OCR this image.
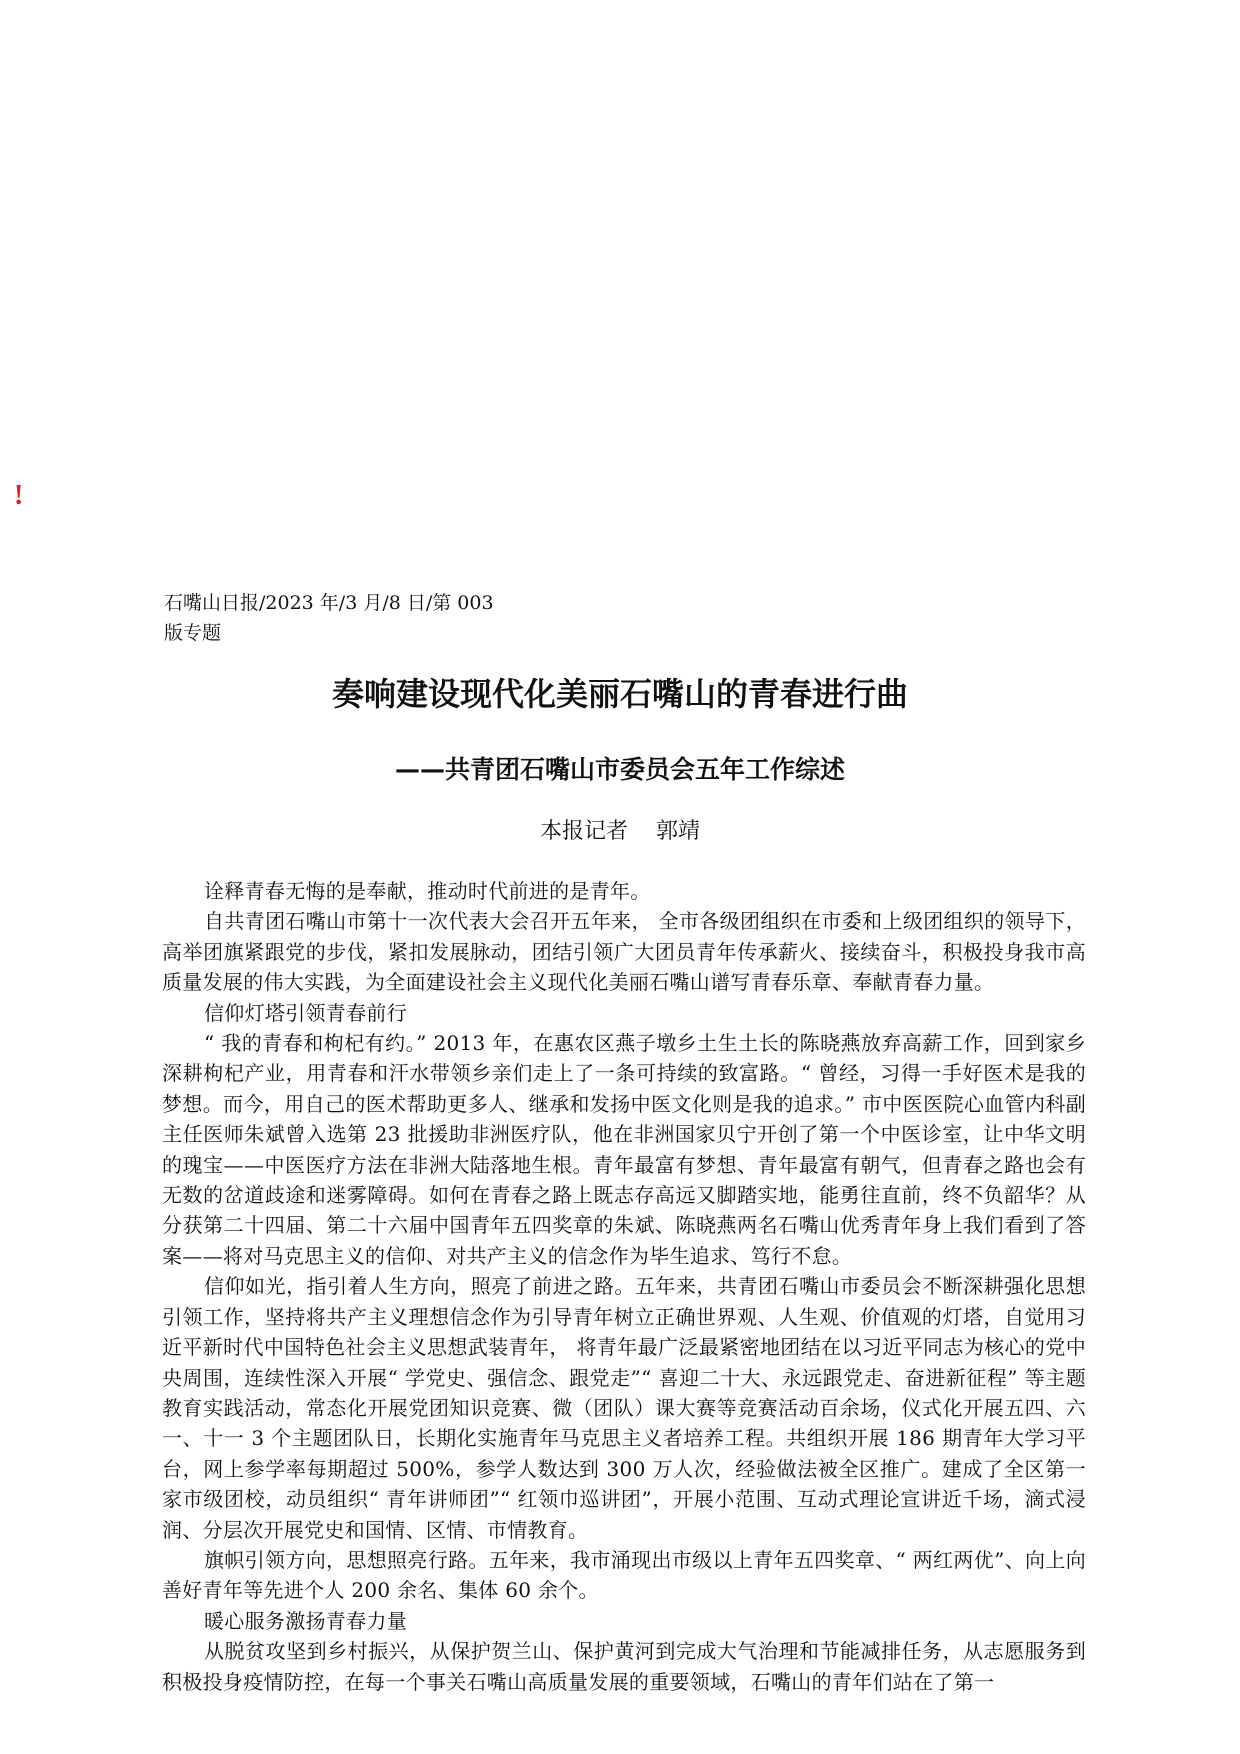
!
石嘴山日报/2023 年/3 月/8 日/第 003
版专题
奏响建设现代化美丽石嘴山的青春进行曲
——共青团石嘴山市委员会五年工作综述
本报记者    郭靖

诠释青春无悔的是奉献，推动时代前进的是青年。

自共青团石嘴山市第十一次代表大会召开五年来， 全市各级团组织在市委和上级团组织的领导下，高举团旗紧跟党的步伐，紧扣发展脉动，团结引领广大团员青年传承薪火、接续奋斗，积极投身我市高质量发展的伟大实践，为全面建设社会主义现代化美丽石嘴山谱写青春乐章、奉献青春力量。

信仰灯塔引领青春前行

“ 我的青春和枸杞有约。” 2013 年，在惠农区燕子墩乡土生土长的陈晓燕放弃高薪工作，回到家乡深耕枸杞产业，用青春和汗水带领乡亲们走上了一条可持续的致富路。“ 曾经，习得一手好医术是我的梦想。而今，用自己的医术帮助更多人、继承和发扬中医文化则是我的追求。” 市中医医院心血管内科副主任医师朱斌曾入选第 23 批援助非洲医疗队，他在非洲国家贝宁开创了第一个中医诊室，让中华文明的瑰宝——中医医疗方法在非洲大陆落地生根。青年最富有梦想、青年最富有朝气，但青春之路也会有无数的岔道歧途和迷雾障碍。如何在青春之路上既志存高远又脚踏实地，能勇往直前，终不负韶华？从分获第二十四届、第二十六届中国青年五四奖章的朱斌、陈晓燕两名石嘴山优秀青年身上我们看到了答案——将对马克思主义的信仰、对共产主义的信念作为毕生追求、笃行不怠。

信仰如光，指引着人生方向，照亮了前进之路。五年来，共青团石嘴山市委员会不断深耕强化思想引领工作，坚持将共产主义理想信念作为引导青年树立正确世界观、人生观、价值观的灯塔，自觉用习近平新时代中国特色社会主义思想武装青年， 将青年最广泛最紧密地团结在以习近平同志为核心的党中央周围，连续性深入开展“ 学党史、强信念、跟党走”“ 喜迎二十大、永远跟党走、奋进新征程” 等主题教育实践活动，常态化开展党团知识竞赛、微（团队）课大赛等竞赛活动百余场，仪式化开展五四、六一、十一 3 个主题团队日，长期化实施青年马克思主义者培养工程。共组织开展 186 期青年大学习平台，网上参学率每期超过 500%，参学人数达到 300 万人次，经验做法被全区推广。建成了全区第一家市级团校，动员组织“ 青年讲师团”“ 红领巾巡讲团”，开展小范围、互动式理论宣讲近千场，滴式浸润、分层次开展党史和国情、区情、市情教育。

旗帜引领方向，思想照亮行路。五年来，我市涌现出市级以上青年五四奖章、“ 两红两优”、向上向善好青年等先进个人 200 余名、集体 60 余个。

暖心服务激扬青春力量

从脱贫攻坚到乡村振兴，从保护贺兰山、保护黄河到完成大气治理和节能减排任务，从志愿服务到积极投身疫情防控，在每一个事关石嘴山高质量发展的重要领域，石嘴山的青年们站在了第一
